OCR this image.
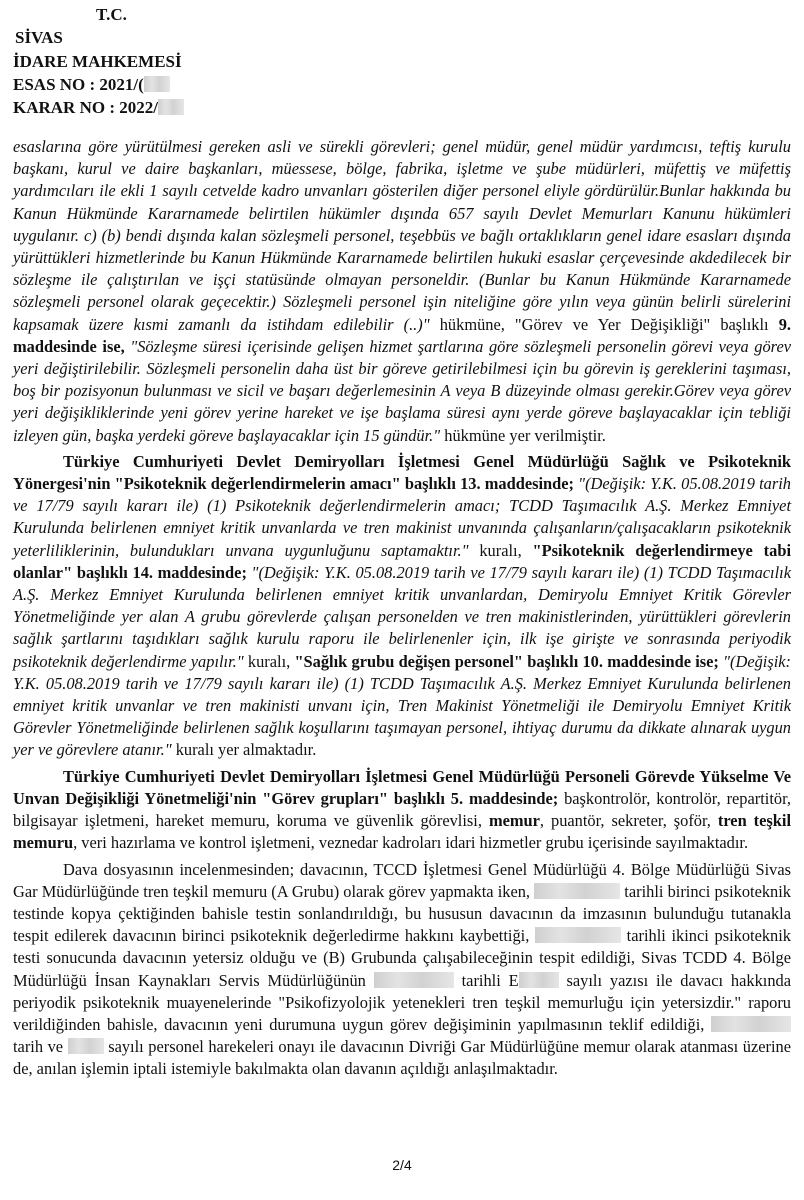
T.C.
SİVAS
İDARE MAHKEMESİ
ESAS NO : 2021/(
KARAR NO : 2022/

esaslarına göre yürütülmesi gereken asli ve sürekli görevleri; genel müdür, genel müdür yardımcısı, teftiş kurulu başkanı, kurul ve daire başkanları, müessese, bölge, fabrika, işletme ve şube müdürleri, müfettiş ve müfettiş yardımcıları ile ekli 1 sayılı cetvelde kadro unvanları gösterilen diğer personel eliyle gördürülür.Bunlar hakkında bu Kanun Hükmünde Kararnamede belirtilen hükümler dışında 657 sayılı Devlet Memurları Kanunu hükümleri uygulanır. c) (b) bendi dışında kalan sözleşmeli personel, teşebbüs ve bağlı ortaklıkların genel idare esasları dışında yürüttükleri hizmetlerinde bu Kanun Hükmünde Kararnamede belirtilen hukuki esaslar çerçevesinde akdedilecek bir sözleşme ile çalıştırılan ve işçi statüsünde olmayan personeldir. (Bunlar bu Kanun Hükmünde Kararnamede sözleşmeli personel olarak geçecektir.) Sözleşmeli personel işin niteliğine göre yılın veya günün belirli sürelerini kapsamak üzere kısmi zamanlı da istihdam edilebilir (..)" hükmüne, "Görev ve Yer Değişikliği" başlıklı 9. maddesinde ise, "Sözleşme süresi içerisinde gelişen hizmet şartlarına göre sözleşmeli personelin görevi veya görev yeri değiştirilebilir. Sözleşmeli personelin daha üst bir göreve getirilebilmesi için bu görevin iş gereklerini taşıması, boş bir pozisyonun bulunması ve sicil ve başarı değerlemesinin A veya B düzeyinde olması gerekir.Görev veya görev yeri değişikliklerinde yeni görev yerine hareket ve işe başlama süresi aynı yerde göreve başlayacaklar için tebliği izleyen gün, başka yerdeki göreve başlayacaklar için 15 gündür." hükmüne yer verilmiştir.

Türkiye Cumhuriyeti Devlet Demiryolları İşletmesi Genel Müdürlüğü Sağlık ve Psikoteknik Yönergesi'nin "Psikoteknik değerlendirmelerin amacı" başlıklı 13. maddesinde; "(Değişik: Y.K. 05.08.2019 tarih ve 17/79 sayılı kararı ile) (1) Psikoteknik değerlendirmelerin amacı; TCDD Taşımacılık A.Ş. Merkez Emniyet Kurulunda belirlenen emniyet kritik unvanlarda ve tren makinist unvanında çalışanların/çalışacakların psikoteknik yeterliliklerinin, bulundukları unvana uygunluğunu saptamaktır." kuralı, "Psikoteknik değerlendirmeye tabi olanlar" başlıklı 14. maddesinde; "(Değişik: Y.K. 05.08.2019 tarih ve 17/79 sayılı kararı ile) (1) TCDD Taşımacılık A.Ş. Merkez Emniyet Kurulunda belirlenen emniyet kritik unvanlardan, Demiryolu Emniyet Kritik Görevler Yönetmeliğinde yer alan A grubu görevlerde çalışan personelden ve tren makinistlerinden, yürüttükleri görevlerin sağlık şartlarını taşıdıkları sağlık kurulu raporu ile belirlenenler için, ilk işe girişte ve sonrasında periyodik psikoteknik değerlendirme yapılır." kuralı, "Sağlık grubu değişen personel" başlıklı 10. maddesinde ise; "(Değişik: Y.K. 05.08.2019 tarih ve 17/79 sayılı kararı ile) (1) TCDD Taşımacılık A.Ş. Merkez Emniyet Kurulunda belirlenen emniyet kritik unvanlar ve tren makinisti unvanı için, Tren Makinist Yönetmeliği ile Demiryolu Emniyet Kritik Görevler Yönetmeliğinde belirlenen sağlık koşullarını taşımayan personel, ihtiyaç durumu da dikkate alınarak uygun yer ve görevlere atanır." kuralı yer almaktadır.

Türkiye Cumhuriyeti Devlet Demiryolları İşletmesi Genel Müdürlüğü Personeli Görevde Yükselme Ve Unvan Değişikliği Yönetmeliği'nin "Görev grupları" başlıklı 5. maddesinde; başkontrolör, kontrolör, repartitör, bilgisayar işletmeni, hareket memuru, koruma ve güvenlik görevlisi, memur, puantör, sekreter, şoför, tren teşkil memuru, veri hazırlama ve kontrol işletmeni, veznedar kadroları idari hizmetler grubu içerisinde sayılmaktadır.

Dava dosyasının incelenmesinden; davacının, TCCD İşletmesi Genel Müdürlüğü 4. Bölge Müdürlüğü Sivas Gar Müdürlüğünde tren teşkil memuru (A Grubu) olarak görev yapmakta iken,	tarihli birinci psikoteknik testinde kopya çektiğinden bahisle testin sonlandırıldığı, bu hususun davacının da imzasının bulunduğu tutanakla tespit edilerek davacının birinci psikoteknik değerledirme hakkını kaybettiği,	tarihli ikinci psikoteknik testi sonucunda davacının yetersiz olduğu ve (B) Grubunda çalışabileceğinin tespit edildiği, Sivas TCDD 4. Bölge Müdürlüğü İnsan Kaynakları Servis Müdürlüğünün	tarihli E sayılı yazısı ile davacı hakkında periyodik psikoteknik muayenelerinde "Psikofizyolojik yetenekleri tren teşkil memurluğu için yetersizdir." raporu verildiğinden bahisle, davacının yeni durumuna uygun görev değişiminin yapılmasının teklif edildiği,  tarih ve  sayılı personel harekeleri onayı ile davacının Divriği Gar Müdürlüğüne memur olarak atanması üzerine de, anılan işlemin iptali istemiyle bakılmakta olan davanın açıldığı anlaşılmaktadır.

2/4
